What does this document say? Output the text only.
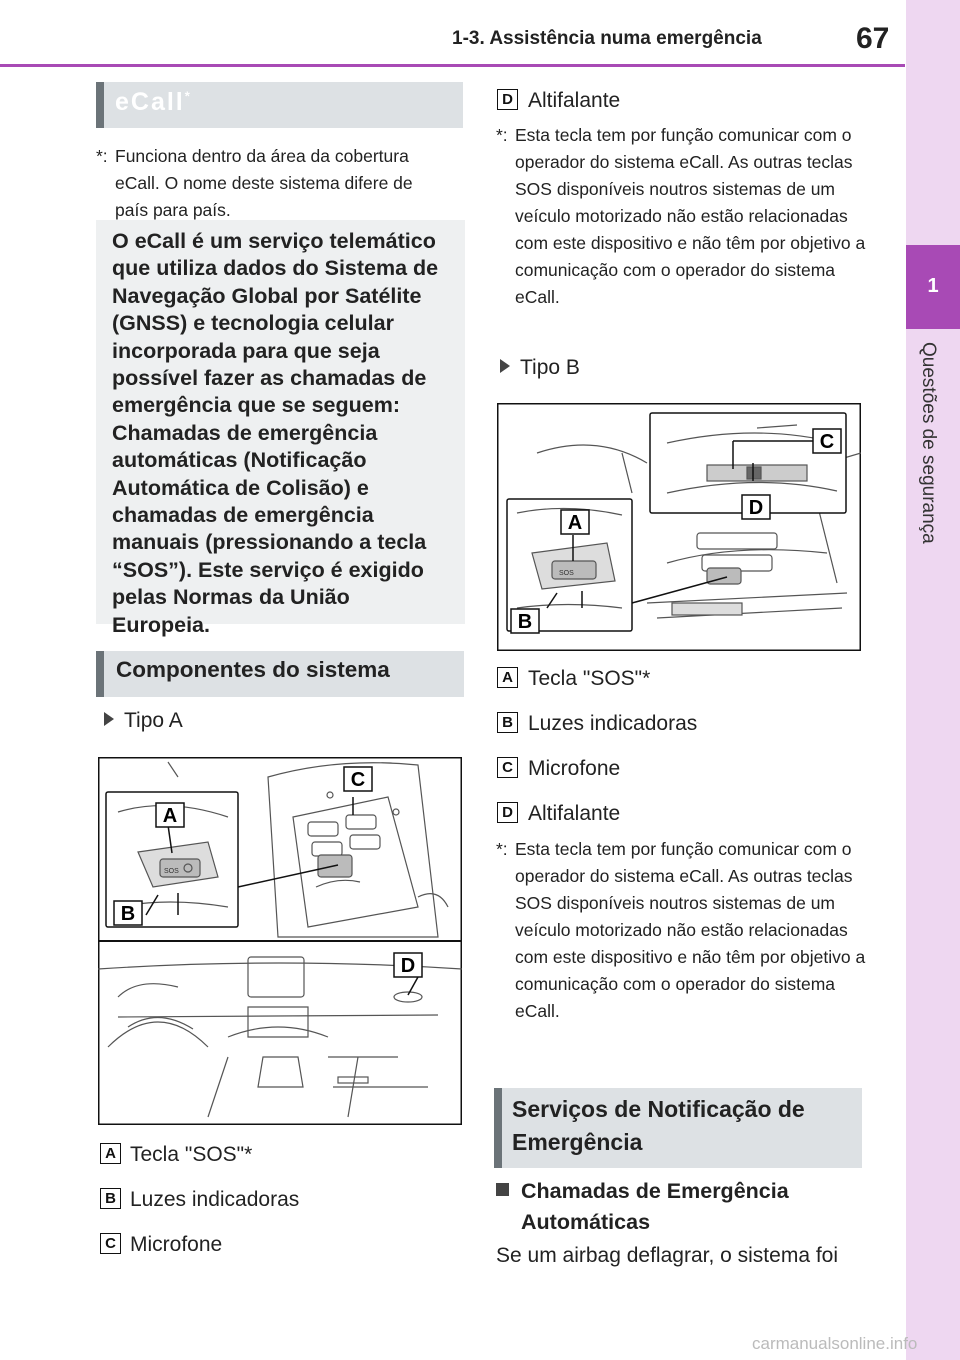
1-3. Assistência numa emergência	67
1
Questões de segurança
eCall*
*: Funciona dentro da área da cobertura eCall. O nome deste sistema difere de país para país.
O eCall é um serviço telemático que utiliza dados do Sistema de Navegação Global por Satélite (GNSS) e tecnologia celular incorporada para que seja possível fazer as chamadas de emergência que se seguem: Chamadas de emergência automáticas (Notificação Automática de Colisão) e chamadas de emergência manuais (pressionando a tecla “SOS”). Este serviço é exigido pelas Normas da União Europeia.
Componentes do sistema
Tipo A
SOS
A
B
C
D
A Tecla "SOS"*
B Luzes indicadoras
C Microfone
D Altifalante
*: Esta tecla tem por função comunicar com o operador do sistema eCall. As outras teclas SOS disponíveis noutros sistemas de um veículo motorizado não estão relacionadas com este dispositivo e não têm por objetivo a comunicação com o operador do sistema eCall.
Tipo B
SOS
A
B
C
D
A Tecla "SOS"*
B Luzes indicadoras
C Microfone
D Altifalante
*: Esta tecla tem por função comunicar com o operador do sistema eCall. As outras teclas SOS disponíveis noutros sistemas de um veículo motorizado não estão relacionadas com este dispositivo e não têm por objetivo a comunicação com o operador do sistema eCall.
Serviços de Notificação de Emergência
Chamadas de Emergência Automáticas
Se um airbag deflagrar, o sistema foi
carmanualsonline.info
